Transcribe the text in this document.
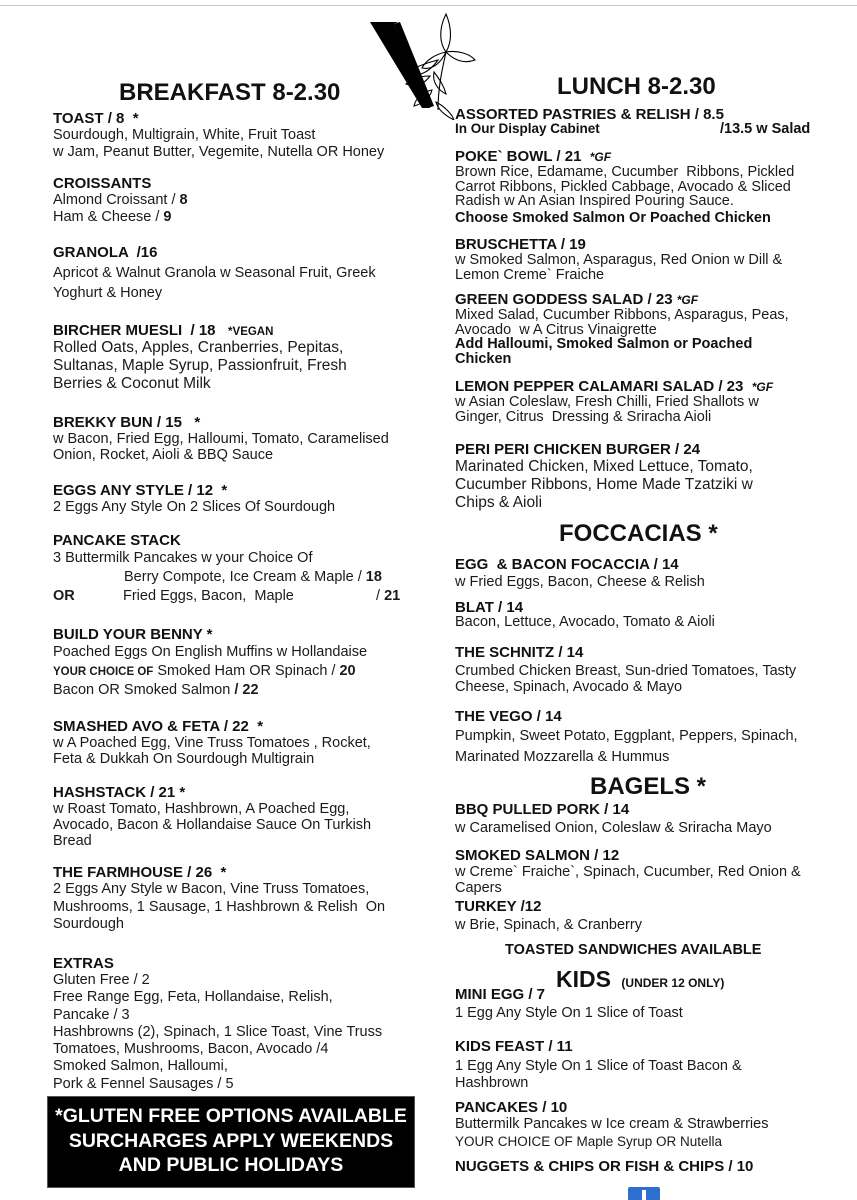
BREAKFAST 8-2.30
TOAST / 8  *
Sourdough, Multigrain, White, Fruit Toast
w Jam, Peanut Butter, Vegemite, Nutella OR Honey
CROISSANTS
Almond Croissant / 8
Ham & Cheese / 9
GRANOLA  /16
Apricot & Walnut Granola w Seasonal Fruit, Greek
Yoghurt & Honey
BIRCHER MUESLI  / 18 *VEGAN
Rolled Oats, Apples, Cranberries, Pepitas,
Sultanas, Maple Syrup, Passionfruit, Fresh
Berries & Coconut Milk
BREKKY BUN / 15   *
w Bacon, Fried Egg, Halloumi, Tomato, Caramelised
Onion, Rocket, Aioli & BBQ Sauce
EGGS ANY STYLE / 12  *
2 Eggs Any Style On 2 Slices Of Sourdough
PANCAKE STACK
3 Buttermilk Pancakes w your Choice Of
Berry Compote, Ice Cream & Maple / 18
OR	Fried Eggs, Bacon,  Maple	/ 21
BUILD YOUR BENNY *
Poached Eggs On English Muffins w Hollandaise
YOUR CHOICE OF Smoked Ham OR Spinach / 20
Bacon OR Smoked Salmon / 22
SMASHED AVO & FETA / 22  *
w A Poached Egg, Vine Truss Tomatoes , Rocket,
Feta & Dukkah On Sourdough Multigrain
HASHSTACK / 21 *
w Roast Tomato, Hashbrown, A Poached Egg,
Avocado, Bacon & Hollandaise Sauce On Turkish
Bread
THE FARMHOUSE / 26  *
2 Eggs Any Style w Bacon, Vine Truss Tomatoes,
Mushrooms, 1 Sausage, 1 Hashbrown & Relish  On
Sourdough
EXTRAS
Gluten Free / 2
Free Range Egg, Feta, Hollandaise, Relish,
Pancake / 3
Hashbrowns (2), Spinach, 1 Slice Toast, Vine Truss
Tomatoes, Mushrooms, Bacon, Avocado /4
Smoked Salmon, Halloumi,
Pork & Fennel Sausages / 5
*GLUTEN FREE OPTIONS AVAILABLE
SURCHARGES APPLY WEEKENDS
AND PUBLIC HOLIDAYS
LUNCH 8-2.30
ASSORTED PASTRIES & RELISH / 8.5
In Our Display Cabinet	/13.5 w Salad
POKE` BOWL / 21 *GF
Brown Rice, Edamame, Cucumber  Ribbons, Pickled
Carrot Ribbons, Pickled Cabbage, Avocado & Sliced
Radish w An Asian Inspired Pouring Sauce.
Choose Smoked Salmon Or Poached Chicken
BRUSCHETTA / 19
w Smoked Salmon, Asparagus, Red Onion w Dill &
Lemon Creme` Fraiche
GREEN GODDESS SALAD / 23 *GF
Mixed Salad, Cucumber Ribbons, Asparagus, Peas,
Avocado  w A Citrus Vinaigrette
Add Halloumi, Smoked Salmon or Poached
Chicken
LEMON PEPPER CALAMARI SALAD / 23 *GF
w Asian Coleslaw, Fresh Chilli, Fried Shallots w
Ginger, Citrus  Dressing & Sriracha Aioli
PERI PERI CHICKEN BURGER / 24
Marinated Chicken, Mixed Lettuce, Tomato,
Cucumber Ribbons, Home Made Tzatziki w
Chips & Aioli
FOCCACIAS *
EGG  & BACON FOCACCIA / 14
w Fried Eggs, Bacon, Cheese & Relish
BLAT / 14
Bacon, Lettuce, Avocado, Tomato & Aioli
THE SCHNITZ / 14
Crumbed Chicken Breast, Sun-dried Tomatoes, Tasty
Cheese, Spinach, Avocado & Mayo
THE VEGO / 14
Pumpkin, Sweet Potato, Eggplant, Peppers, Spinach,
Marinated Mozzarella & Hummus
BAGELS *
BBQ PULLED PORK / 14
w Caramelised Onion, Coleslaw & Sriracha Mayo
SMOKED SALMON / 12
w Creme` Fraiche`, Spinach, Cucumber, Red Onion &
Capers
TURKEY /12
w Brie, Spinach, & Cranberry
TOASTED SANDWICHES AVAILABLE
KIDS (UNDER 12 ONLY)
MINI EGG / 7
1 Egg Any Style On 1 Slice of Toast
KIDS FEAST / 11
1 Egg Any Style On 1 Slice of Toast Bacon &
Hashbrown
PANCAKES / 10
Buttermilk Pancakes w Ice cream & Strawberries
YOUR CHOICE OF Maple Syrup OR Nutella
NUGGETS & CHIPS OR FISH & CHIPS / 10
